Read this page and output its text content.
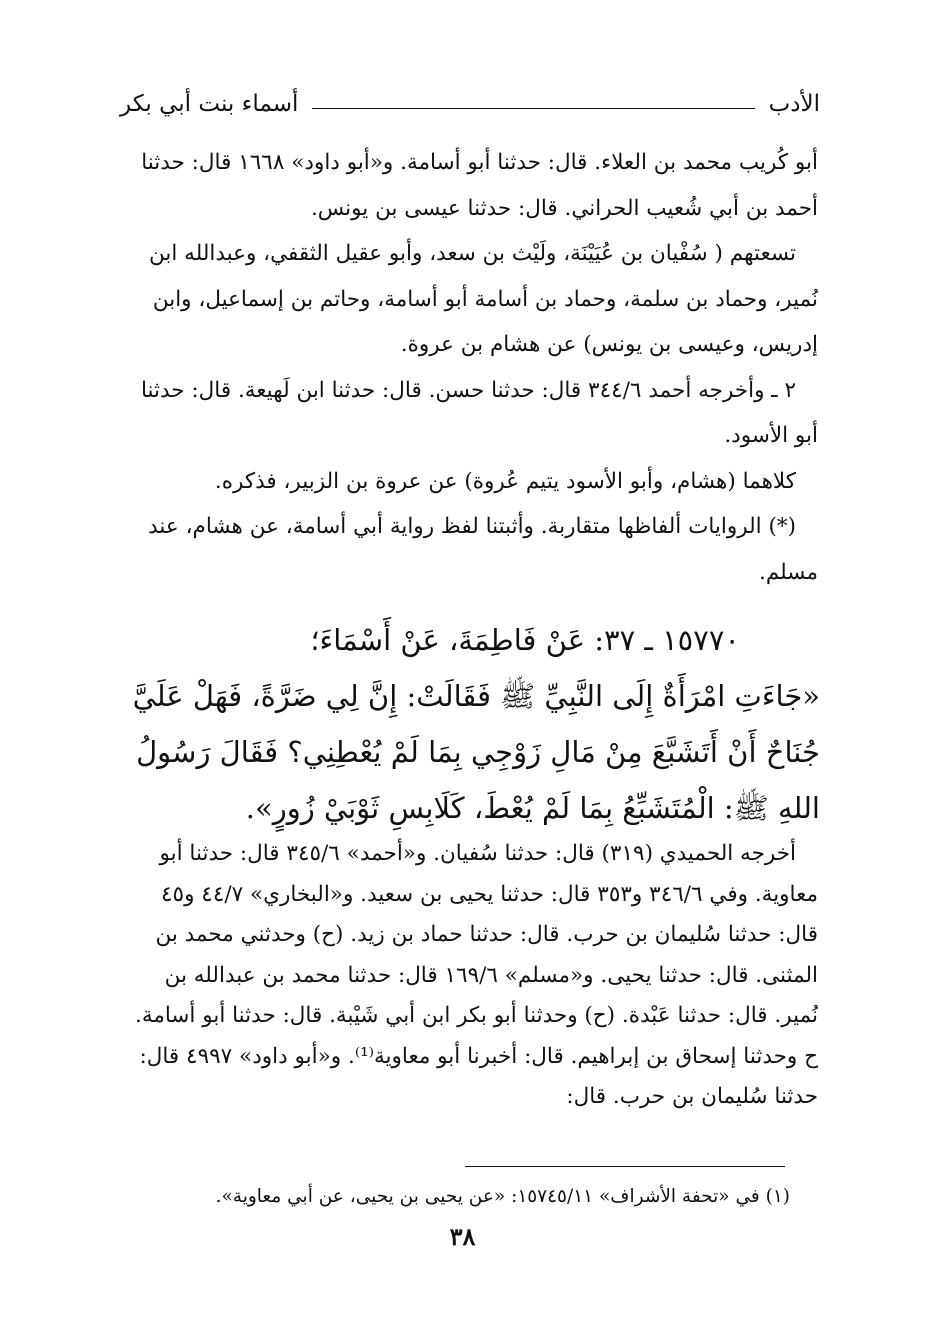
الأدب
أسماء بنت أبي بكر

أبو كُريب محمد بن العلاء. قال: حدثنا أبو أسامة. و«أبو داود» ١٦٦٨ قال: حدثنا أحمد بن أبي شُعيب الحراني. قال: حدثنا عيسى بن يونس.

تسعتهم ( سُفْيان بن عُيَيْنَة، ولَيْث بن سعد، وأبو عقيل الثقفي، وعبدالله ابن نُمير، وحماد بن سلمة، وحماد بن أسامة أبو أسامة، وحاتم بن إسماعيل، وابن إدريس، وعيسى بن يونس) عن هشام بن عروة.

٢ ـ وأخرجه أحمد ٣٤٤/٦ قال: حدثنا حسن. قال: حدثنا ابن لَهيعة. قال: حدثنا أبو الأسود.

كلاهما (هشام، وأبو الأسود يتيم عُروة) عن عروة بن الزبير، فذكره.

(*) الروايات ألفاظها متقاربة. وأثبتنا لفظ رواية أبي أسامة، عن هشام، عند مسلم.

١٥٧٧٠ ـ ٣٧: عَنْ فَاطِمَةَ، عَنْ أَسْمَاءَ؛

«جَاءَتِ امْرَأَةٌ إِلَى النَّبِيِّ ﷺ فَقَالَتْ: إِنَّ لِي ضَرَّةً، فَهَلْ عَلَيَّ جُنَاحٌ أَنْ أَتَشَبَّعَ مِنْ مَالِ زَوْجِي بِمَا لَمْ يُعْطِنِي؟ فَقَالَ رَسُولُ اللهِ ﷺ: الْمُتَشَبِّعُ بِمَا لَمْ يُعْطَ، كَلَابِسِ ثَوْبَيْ زُورٍ».

أخرجه الحميدي (٣١٩) قال: حدثنا سُفيان. و«أحمد» ٣٤٥/٦ قال: حدثنا أبو معاوية. وفي ٣٤٦/٦ و٣٥٣ قال: حدثنا يحيى بن سعيد. و«البخاري» ٤٤/٧ و٤٥ قال: حدثنا سُليمان بن حرب. قال: حدثنا حماد بن زيد. (ح) وحدثني محمد بن المثنى. قال: حدثنا يحيى. و«مسلم» ١٦٩/٦ قال: حدثنا محمد بن عبدالله بن نُمير. قال: حدثنا عَبْدة. (ح) وحدثنا أبو بكر ابن أبي شَيْبة. قال: حدثنا أبو أسامة. ح وحدثنا إسحاق بن إبراهيم. قال: أخبرنا أبو معاوية⁽¹⁾. و«أبو داود» ٤٩٩٧ قال: حدثنا سُليمان بن حرب. قال:

(١) في «تحفة الأشراف» ١٥٧٤٥/١١: «عن يحيى بن يحيى، عن أبي معاوية».

٣٨
